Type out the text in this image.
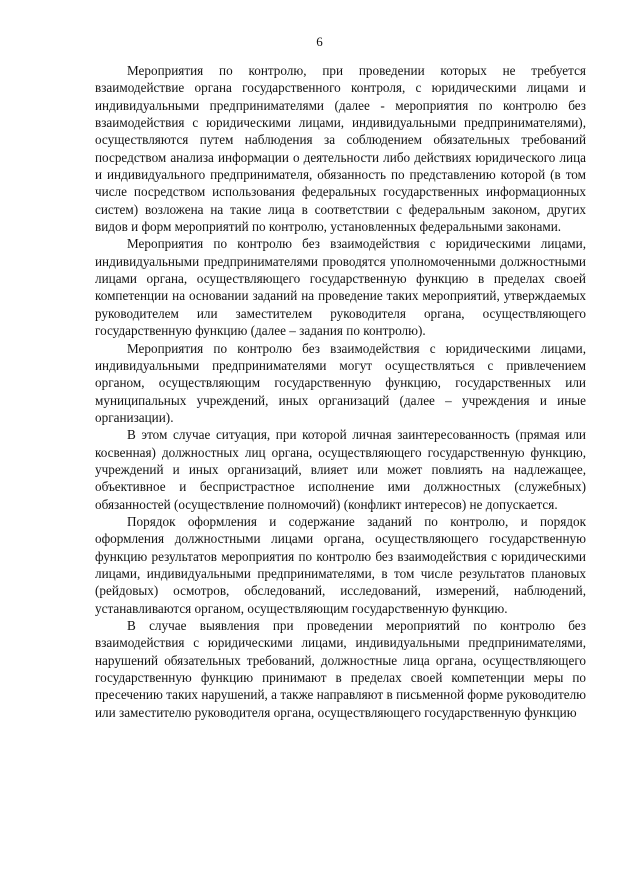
6

Мероприятия по контролю, при проведении которых не требуется взаимодействие органа государственного контроля, с юридическими лицами и индивидуальными предпринимателями (далее - мероприятия по контролю без взаимодействия с юридическими лицами, индивидуальными предпринимателями), осуществляются путем наблюдения за соблюдением обязательных требований посредством анализа информации о деятельности либо действиях юридического лица и индивидуального предпринимателя, обязанность по представлению которой (в том числе посредством использования федеральных государственных информационных систем) возложена на такие лица в соответствии с федеральным законом, других видов и форм мероприятий по контролю, установленных федеральными законами.

Мероприятия по контролю без взаимодействия с юридическими лицами, индивидуальными предпринимателями проводятся уполномоченными должностными лицами органа, осуществляющего государственную функцию в пределах своей компетенции на основании заданий на проведение таких мероприятий, утверждаемых руководителем или заместителем руководителя органа, осуществляющего государственную функцию (далее – задания по контролю).

Мероприятия по контролю без взаимодействия с юридическими лицами, индивидуальными предпринимателями могут осуществляться с привлечением органом, осуществляющим государственную функцию, государственных или муниципальных учреждений, иных организаций (далее – учреждения и иные организации).

В этом случае ситуация, при которой личная заинтересованность (прямая или косвенная) должностных лиц органа, осуществляющего государственную функцию, учреждений и иных организаций, влияет или может повлиять на надлежащее, объективное и беспристрастное исполнение ими должностных (служебных) обязанностей (осуществление полномочий) (конфликт интересов) не допускается.

Порядок оформления и содержание заданий по контролю, и порядок оформления должностными лицами органа, осуществляющего государственную функцию результатов мероприятия по контролю без взаимодействия с юридическими лицами, индивидуальными предпринимателями, в том числе результатов плановых (рейдовых) осмотров, обследований, исследований, измерений, наблюдений, устанавливаются органом, осуществляющим государственную функцию.

В случае выявления при проведении мероприятий по контролю без взаимодействия с юридическими лицами, индивидуальными предпринимателями, нарушений обязательных требований, должностные лица органа, осуществляющего государственную функцию принимают в пределах своей компетенции меры по пресечению таких нарушений, а также направляют в письменной форме руководителю или заместителю руководителя органа, осуществляющего государственную функцию
